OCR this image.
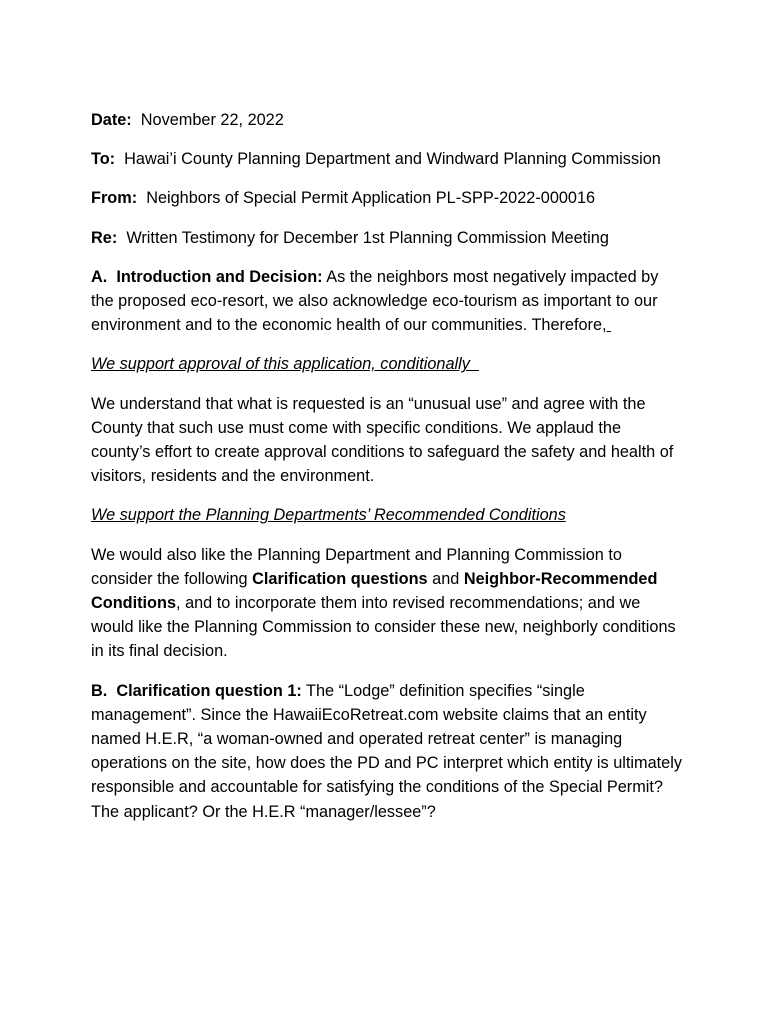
Date: November 22, 2022

To: Hawai’i County Planning Department and Windward Planning Commission

From: Neighbors of Special Permit Application PL-SPP-2022-000016

Re: Written Testimony for December 1st Planning Commission Meeting

A. Introduction and Decision: As the neighbors most negatively impacted by the proposed eco-resort, we also acknowledge eco-tourism as important to our environment and to the economic health of our communities. Therefore,

We support approval of this application, conditionally

We understand that what is requested is an “unusual use” and agree with the County that such use must come with specific conditions. We applaud the county’s effort to create approval conditions to safeguard the safety and health of visitors, residents and the environment.

We support the Planning Departments’ Recommended Conditions

We would also like the Planning Department and Planning Commission to consider the following Clarification questions and Neighbor-Recommended Conditions, and to incorporate them into revised recommendations; and we would like the Planning Commission to consider these new, neighborly conditions in its final decision.

B. Clarification question 1: The “Lodge” definition specifies “single management”. Since the HawaiiEcoRetreat.com website claims that an entity named H.E.R, “a woman-owned and operated retreat center” is managing operations on the site, how does the PD and PC interpret which entity is ultimately responsible and accountable for satisfying the conditions of the Special Permit? The applicant? Or the H.E.R “manager/lessee”?
